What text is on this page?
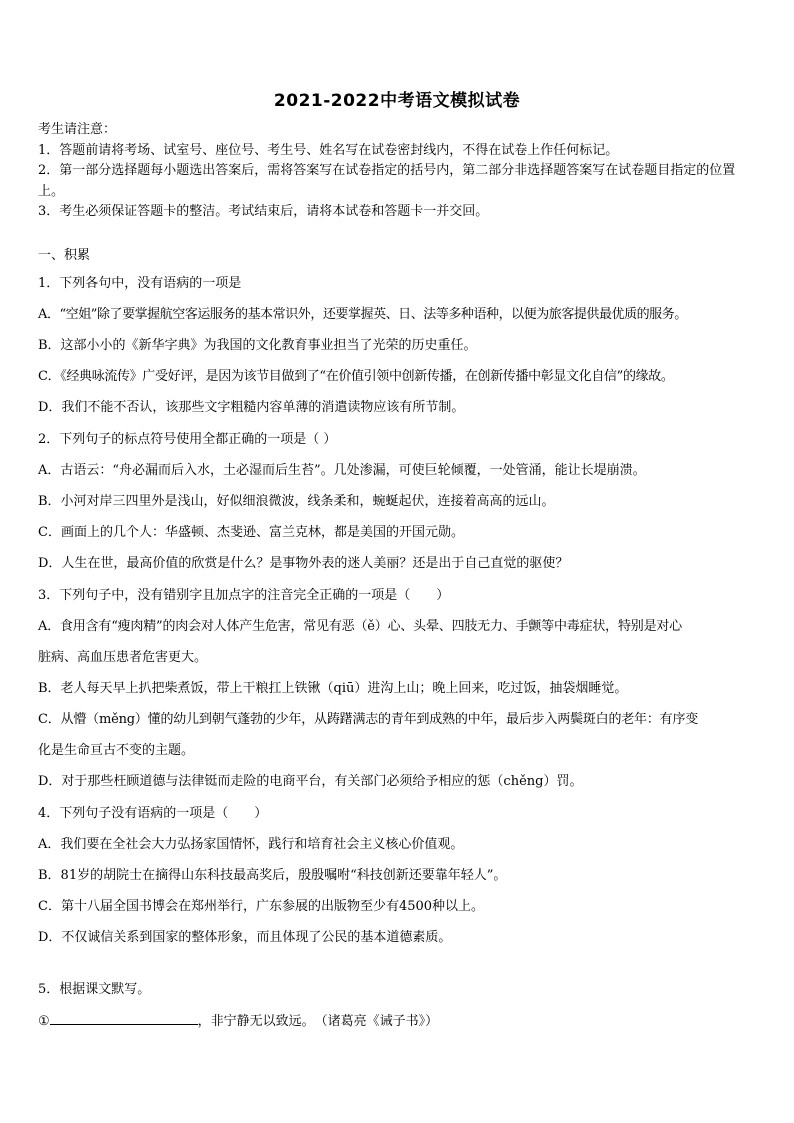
2021-2022中考语文模拟试卷
考生请注意：
1．答题前请将考场、试室号、座位号、考生号、姓名写在试卷密封线内，不得在试卷上作任何标记。
2．第一部分选择题每小题选出答案后，需将答案写在试卷指定的括号内，第二部分非选择题答案写在试卷题目指定的位置上。
3．考生必须保证答题卡的整洁。考试结束后，请将本试卷和答题卡一并交回。
一、积累
1．下列各句中，没有语病的一项是
A．“空姐”除了要掌握航空客运服务的基本常识外，还要掌握英、日、法等多种语种，以便为旅客提供最优质的服务。
B．这部小小的《新华字典》为我国的文化教育事业担当了光荣的历史重任。
C．《经典咏流传》广受好评，是因为该节目做到了“在价值引领中创新传播，在创新传播中彰显文化自信”的缘故。
D．我们不能不否认，该那些文字粗糙内容单薄的消遣读物应该有所节制。
2．下列句子的标点符号使用全都正确的一项是（ ）
A．古语云：“舟必漏而后入水，土必湿而后生苔”。几处渗漏，可使巨轮倾覆，一处管涌，能让长堤崩溃。
B．小河对岸三四里外是浅山，好似细浪微波，线条柔和，蜿蜒起伏，连接着高高的远山。
C．画面上的几个人：华盛顿、杰斐逊、富兰克林，都是美国的开国元勋。
D．人生在世，最高价值的欣赏是什么？是事物外表的迷人美丽？还是出于自己直觉的驱使？
3．下列句子中，没有错别字且加点字的注音完全正确的一项是（　　）
A．食用含有“瘦肉精”的肉会对人体产生危害，常见有恶（ě）心、头晕、四肢无力、手颤等中毒症状，特别是对心
脏病、高血压患者危害更大。
B．老人每天早上扒把柴煮饭，带上干粮扛上铁锹（qiū）进沟上山；晚上回来，吃过饭，抽袋烟睡觉。
C．从懵（měng）懂的幼儿到朝气蓬勃的少年，从踌躇满志的青年到成熟的中年，最后步入两鬓斑白的老年：有序变
化是生命亘古不变的主题。
D．对于那些枉顾道德与法律铤而走险的电商平台，有关部门必须给予相应的惩（chěng）罚。
4．下列句子没有语病的一项是（　　）
A．我们要在全社会大力弘扬家国情怀，践行和培育社会主义核心价值观。
B．81岁的胡院士在摘得山东科技最高奖后，殷殷嘱咐“科技创新还要靠年轻人”。
C．第十八届全国书博会在郑州举行，广东参展的出版物至少有4500种以上。
D．不仅诚信关系到国家的整体形象，而且体现了公民的基本道德素质。
5．根据课文默写。
①	，非宁静无以致远。　（诸葛亮《诫子书》）
